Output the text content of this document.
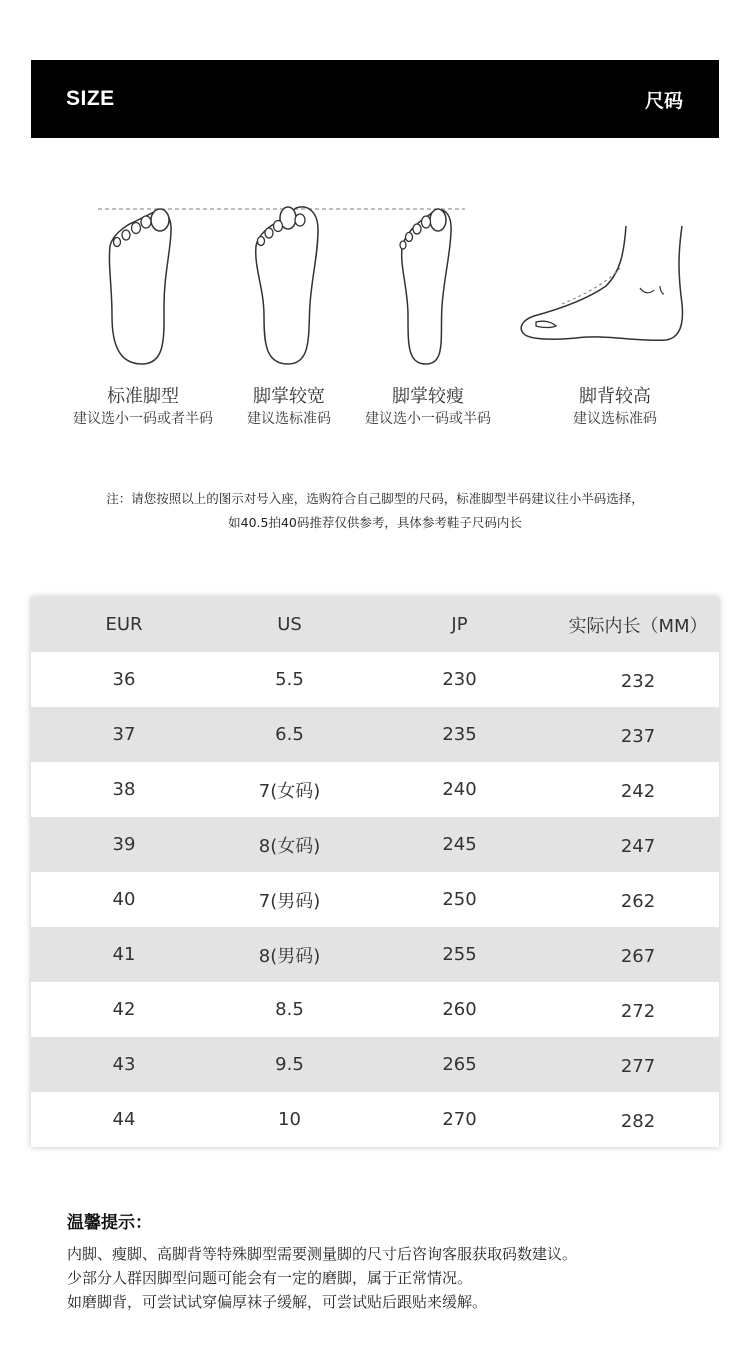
SIZE	尺码
标准脚型
建议选小一码或者半码
脚掌较宽
建议选标准码
脚掌较瘦
建议选小一码或半码
脚背较高
建议选标准码
注：请您按照以上的图示对号入座，选购符合自己脚型的尺码，标准脚型半码建议往小半码选择，
如40.5拍40码推荐仅供参考，具体参考鞋子尺码内长
EUR	US	JP	实际内长（MM）
36	5.5	230	232
37	6.5	235	237
38	7(女码)	240	242
39	8(女码)	245	247
40	7(男码)	250	262
41	8(男码)	255	267
42	8.5	260	272
43	9.5	265	277
44	10	270	282
温馨提示：
内脚、瘦脚、高脚背等特殊脚型需要测量脚的尺寸后咨询客服获取码数建议。
少部分人群因脚型问题可能会有一定的磨脚，属于正常情况。
如磨脚背，可尝试试穿偏厚袜子缓解，可尝试贴后跟贴来缓解。
